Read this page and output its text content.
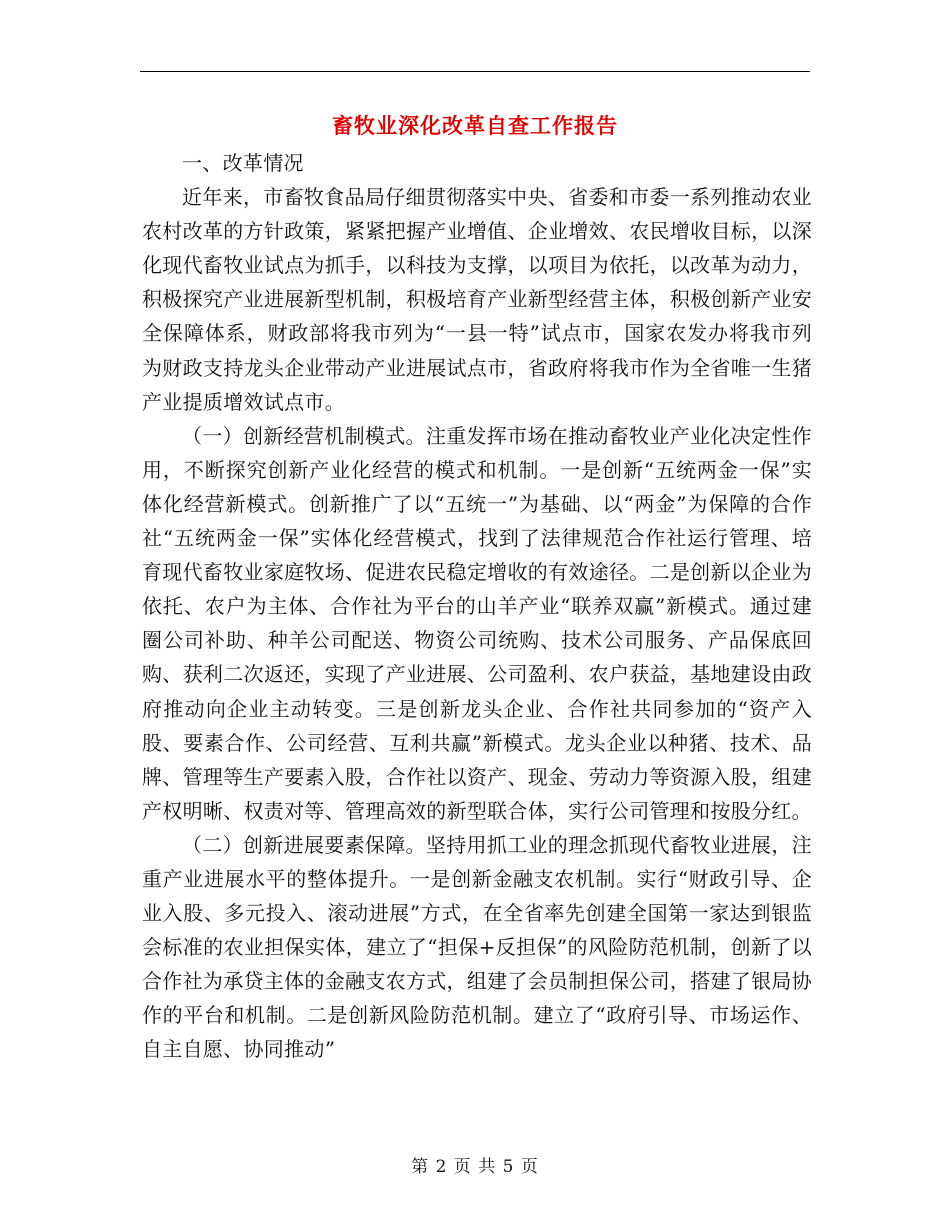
畜牧业深化改革自查工作报告

一、改革情况

近年来，市畜牧食品局仔细贯彻落实中央、省委和市委一系列推动农业农村改革的方针政策，紧紧把握产业增值、企业增效、农民增收目标，以深化现代畜牧业试点为抓手，以科技为支撑，以项目为依托，以改革为动力，积极探究产业进展新型机制，积极培育产业新型经营主体，积极创新产业安全保障体系，财政部将我市列为“一县一特”试点市，国家农发办将我市列为财政支持龙头企业带动产业进展试点市，省政府将我市作为全省唯一生猪产业提质增效试点市。

（一）创新经营机制模式。注重发挥市场在推动畜牧业产业化决定性作用，不断探究创新产业化经营的模式和机制。一是创新“五统两金一保”实体化经营新模式。创新推广了以“五统一”为基础、以“两金”为保障的合作社“五统两金一保”实体化经营模式，找到了法律规范合作社运行管理、培育现代畜牧业家庭牧场、促进农民稳定增收的有效途径。二是创新以企业为依托、农户为主体、合作社为平台的山羊产业“联养双赢”新模式。通过建圈公司补助、种羊公司配送、物资公司统购、技术公司服务、产品保底回购、获利二次返还，实现了产业进展、公司盈利、农户获益，基地建设由政府推动向企业主动转变。三是创新龙头企业、合作社共同参加的“资产入股、要素合作、公司经营、互利共赢”新模式。龙头企业以种猪、技术、品牌、管理等生产要素入股，合作社以资产、现金、劳动力等资源入股，组建产权明晰、权责对等、管理高效的新型联合体，实行公司管理和按股分红。

（二）创新进展要素保障。坚持用抓工业的理念抓现代畜牧业进展，注重产业进展水平的整体提升。一是创新金融支农机制。实行“财政引导、企业入股、多元投入、滚动进展”方式，在全省率先创建全国第一家达到银监会标准的农业担保实体，建立了“担保+反担保”的风险防范机制，创新了以合作社为承贷主体的金融支农方式，组建了会员制担保公司，搭建了银局协作的平台和机制。二是创新风险防范机制。建立了“政府引导、市场运作、自主自愿、协同推动”

第 2 页 共 5 页
